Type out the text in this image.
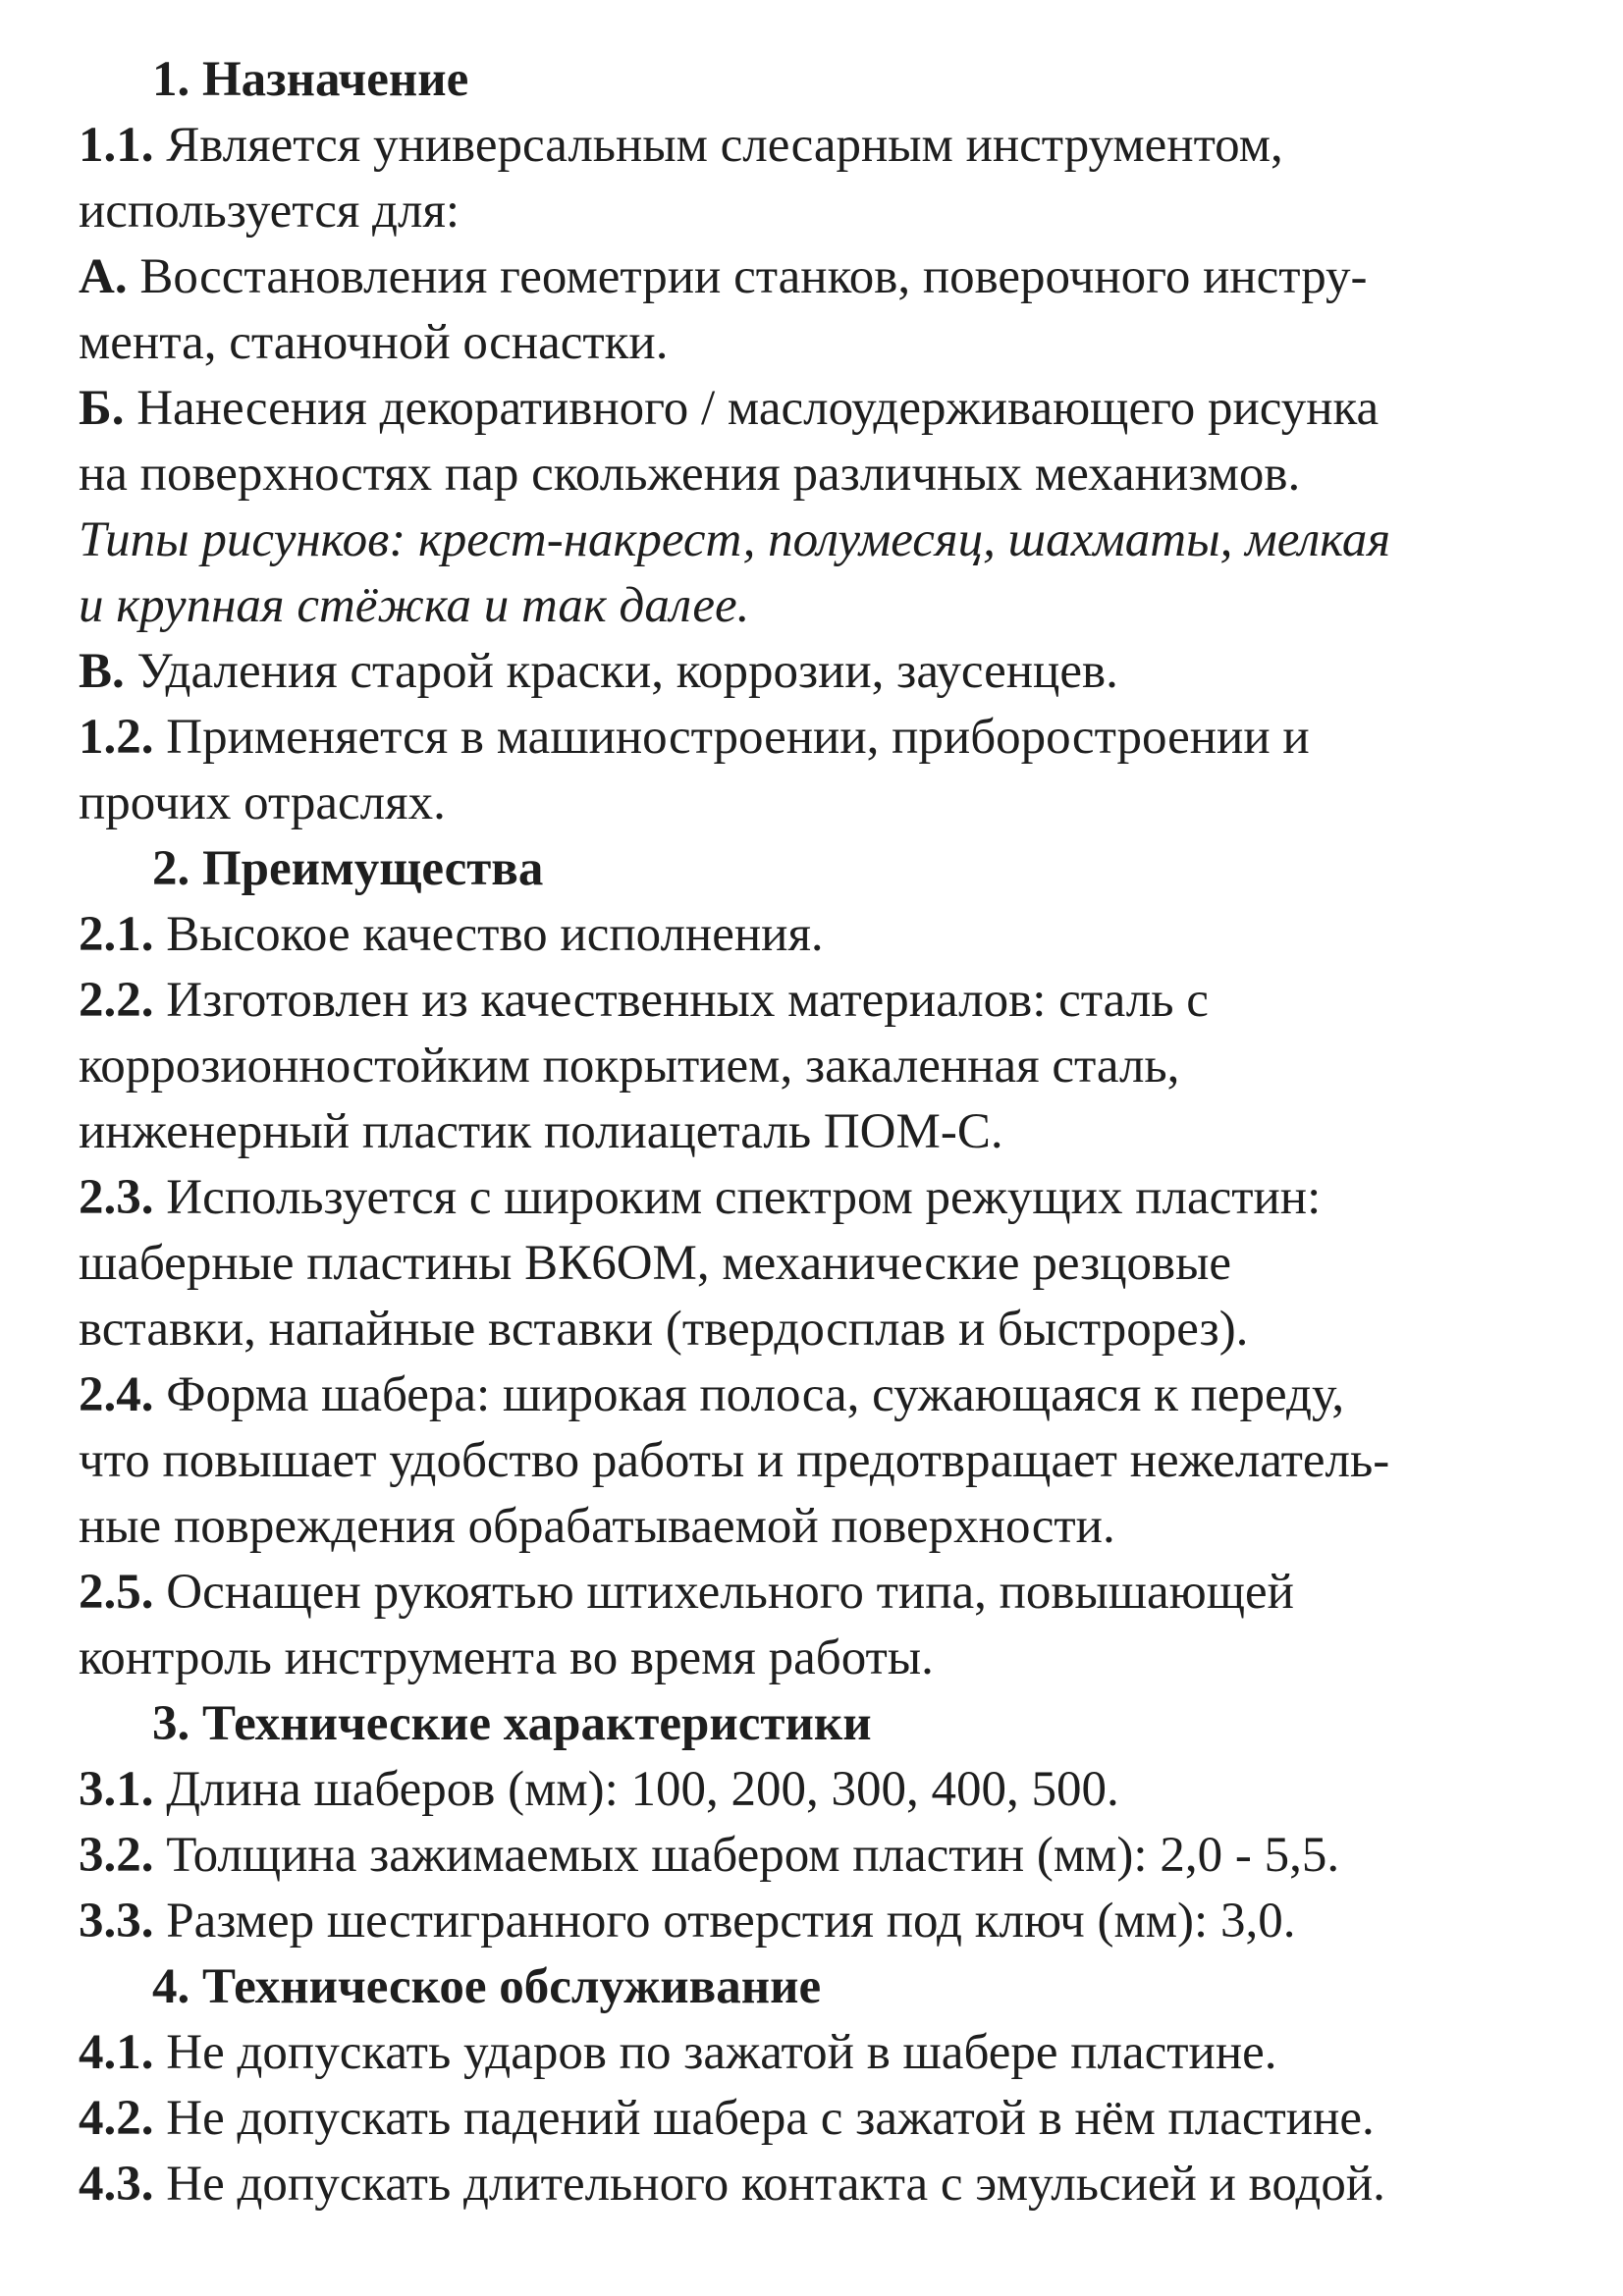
1. Назначение
1.1. Является универсальным слесарным инструментом,
используется для:
А. Восстановления геометрии станков, поверочного инстру-
мента, станочной оснастки.
Б. Нанесения декоративного / маслоудерживающего рисунка
на поверхностях пар скольжения различных механизмов.
Типы рисунков: крест-накрест, полумесяц, шахматы, мелкая
и крупная стёжка и так далее.
В. Удаления старой краски, коррозии, заусенцев.
1.2. Применяется в машиностроении, приборостроении и
прочих отраслях.
2. Преимущества
2.1. Высокое качество исполнения.
2.2. Изготовлен из качественных материалов: сталь с
коррозионностойким покрытием, закаленная сталь,
инженерный пластик полиацеталь ПОМ-С.
2.3. Используется с широким спектром режущих пластин:
шаберные пластины ВК6ОМ, механические резцовые
вставки, напайные вставки (твердосплав и быстрорез).
2.4. Форма шабера: широкая полоса, сужающаяся к переду,
что повышает удобство работы и предотвращает нежелатель-
ные повреждения обрабатываемой поверхности.
2.5. Оснащен рукоятью штихельного типа, повышающей
контроль инструмента во время работы.
3. Технические характеристики
3.1. Длина шаберов (мм): 100, 200, 300, 400, 500.
3.2. Толщина зажимаемых шабером пластин (мм): 2,0 - 5,5.
3.3. Размер шестигранного отверстия под ключ (мм): 3,0.
4. Техническое обслуживание
4.1. Не допускать ударов по зажатой в шабере пластине.
4.2. Не допускать падений шабера с зажатой в нём пластине.
4.3. Не допускать длительного контакта с эмульсией и водой.
